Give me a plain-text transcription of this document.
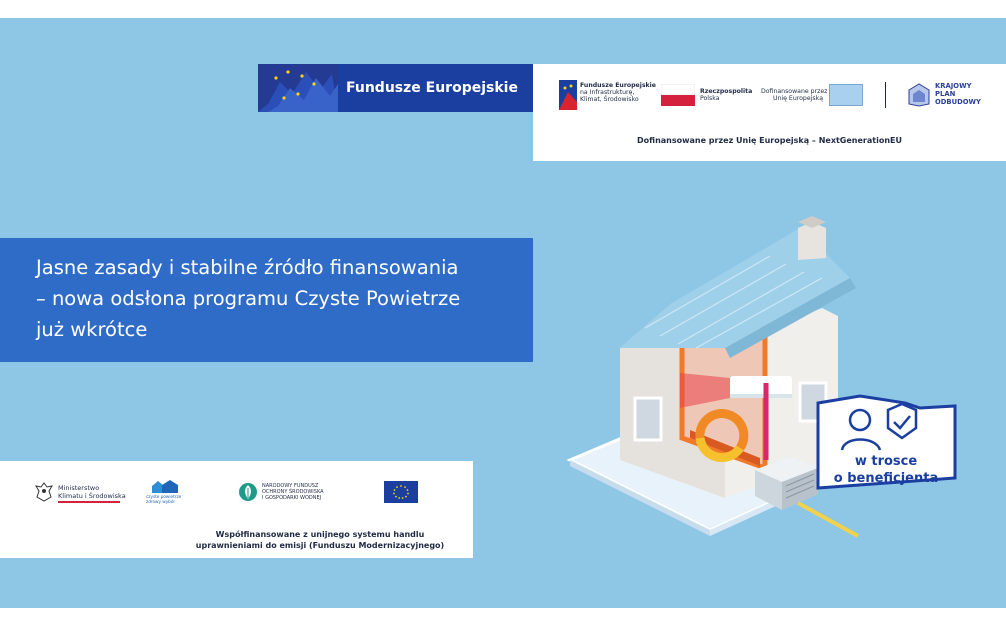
Fundusze Europejskie	Fundusze Europejskie
na Infrastrukturę,
Klimat, Środowisko
Rzeczpospolita
Polska
Dofinansowane przez
Unię Europejską
KRAJOWY
PLAN
ODBUDOWY
Dofinansowane przez Unię Europejską – NextGenerationEU
Jasne zasady i stabilne źródło finansowania
– nowa odsłona programu Czyste Powietrze
już wkrótce
Ministerstwo
Klimatu i Środowiska	czyste powietrze
zdrowy wybór
NARODOWY FUNDUSZ
OCHRONY ŚRODOWISKA
I GOSPODARKI WODNEJ
Współfinansowane z unijnego systemu handlu
uprawnieniami do emisji (Funduszu Modernizacyjnego)
w trosce
o beneficjenta
